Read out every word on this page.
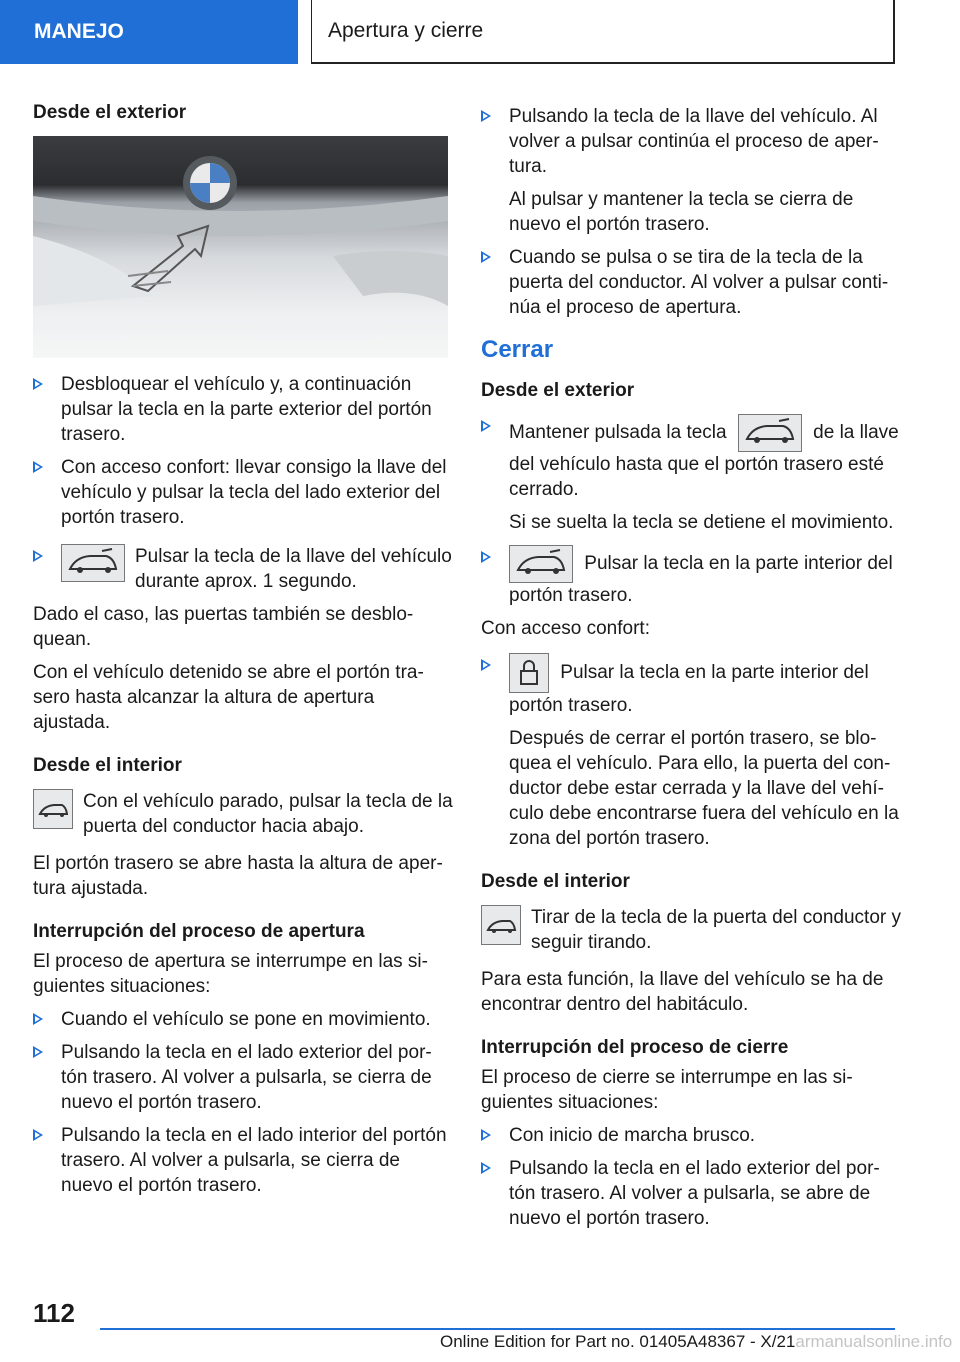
MANEJO	Apertura y cierre
Desde el exterior
Desbloquear el vehículo y, a continuación pulsar la tecla en la parte exterior del portón trasero.
Con acceso confort: llevar consigo la llave del vehículo y pulsar la tecla del lado exterior del portón trasero.
Pulsar la tecla de la llave del vehículo durante aprox. 1 segundo.
Dado el caso, las puertas también se desblo‐ quean.
Con el vehículo detenido se abre el portón tra‐ sero hasta alcanzar la altura de apertura ajustada.
Desde el interior
Con el vehículo parado, pulsar la tecla de la puerta del conductor hacia abajo.
El portón trasero se abre hasta la altura de aper‐ tura ajustada.
Interrupción del proceso de apertura
El proceso de apertura se interrumpe en las si‐ guientes situaciones:
Cuando el vehículo se pone en movimiento.
Pulsando la tecla en el lado exterior del por‐ tón trasero. Al volver a pulsarla, se cierra de nuevo el portón trasero.
Pulsando la tecla en el lado interior del portón trasero. Al volver a pulsarla, se cierra de nuevo el portón trasero.
Pulsando la tecla de la llave del vehículo. Al volver a pulsar continúa el proceso de aper‐ tura.
Al pulsar y mantener la tecla se cierra de nuevo el portón trasero.
Cuando se pulsa o se tira de la tecla de la puerta del conductor. Al volver a pulsar conti‐ núa el proceso de apertura.
Cerrar
Desde el exterior
Mantener pulsada la tecla	de la llave del vehículo hasta que el portón trasero esté cerrado.
Si se suelta la tecla se detiene el movimiento.
Pulsar la tecla en la parte interior del
portón trasero.
Con acceso confort:
Pulsar la tecla en la parte interior del
portón trasero.
Después de cerrar el portón trasero, se blo‐ quea el vehículo. Para ello, la puerta del con‐ ductor debe estar cerrada y la llave del vehí‐ culo debe encontrarse fuera del vehículo en la zona del portón trasero.
Desde el interior
Tirar de la tecla de la puerta del conductor y seguir tirando.
Para esta función, la llave del vehículo se ha de encontrar dentro del habitáculo.
Interrupción del proceso de cierre
El proceso de cierre se interrumpe en las si‐ guientes situaciones:
Con inicio de marcha brusco.
Pulsando la tecla en el lado exterior del por‐ tón trasero. Al volver a pulsarla, se abre de nuevo el portón trasero.
112
Online Edition for Part no. 01405A48367 - X/21armanualsonline.info
